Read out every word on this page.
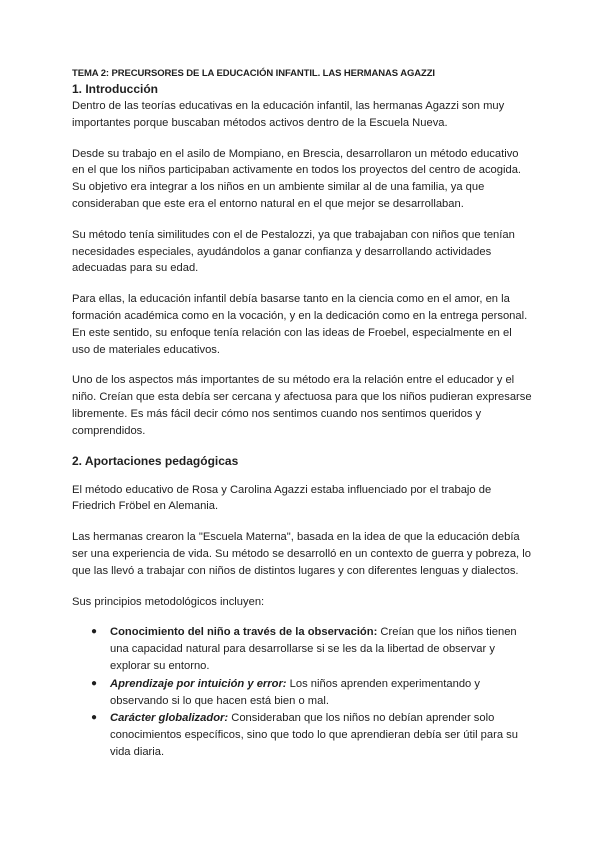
TEMA 2: PRECURSORES DE LA EDUCACIÓN INFANTIL. LAS HERMANAS AGAZZI
1. Introducción

Dentro de las teorías educativas en la educación infantil, las hermanas Agazzi son muy importantes porque buscaban métodos activos dentro de la Escuela Nueva.

Desde su trabajo en el asilo de Mompiano, en Brescia, desarrollaron un método educativo en el que los niños participaban activamente en todos los proyectos del centro de acogida. Su objetivo era integrar a los niños en un ambiente similar al de una familia, ya que consideraban que este era el entorno natural en el que mejor se desarrollaban.

Su método tenía similitudes con el de Pestalozzi, ya que trabajaban con niños que tenían necesidades especiales, ayudándolos a ganar confianza y desarrollando actividades adecuadas para su edad.

Para ellas, la educación infantil debía basarse tanto en la ciencia como en el amor, en la formación académica como en la vocación, y en la dedicación como en la entrega personal. En este sentido, su enfoque tenía relación con las ideas de Froebel, especialmente en el uso de materiales educativos.

Uno de los aspectos más importantes de su método era la relación entre el educador y el niño. Creían que esta debía ser cercana y afectuosa para que los niños pudieran expresarse libremente. Es más fácil decir cómo nos sentimos cuando nos sentimos queridos y comprendidos.

2. Aportaciones pedagógicas

El método educativo de Rosa y Carolina Agazzi estaba influenciado por el trabajo de Friedrich Fröbel en Alemania.

Las hermanas crearon la "Escuela Materna", basada en la idea de que la educación debía ser una experiencia de vida. Su método se desarrolló en un contexto de guerra y pobreza, lo que las llevó a trabajar con niños de distintos lugares y con diferentes lenguas y dialectos.

Sus principios metodológicos incluyen:

● Conocimiento del niño a través de la observación: Creían que los niños tienen una capacidad natural para desarrollarse si se les da la libertad de observar y explorar su entorno.
● Aprendizaje por intuición y error: Los niños aprenden experimentando y observando si lo que hacen está bien o mal.
● Carácter globalizador: Consideraban que los niños no debían aprender solo conocimientos específicos, sino que todo lo que aprendieran debía ser útil para su vida diaria.
